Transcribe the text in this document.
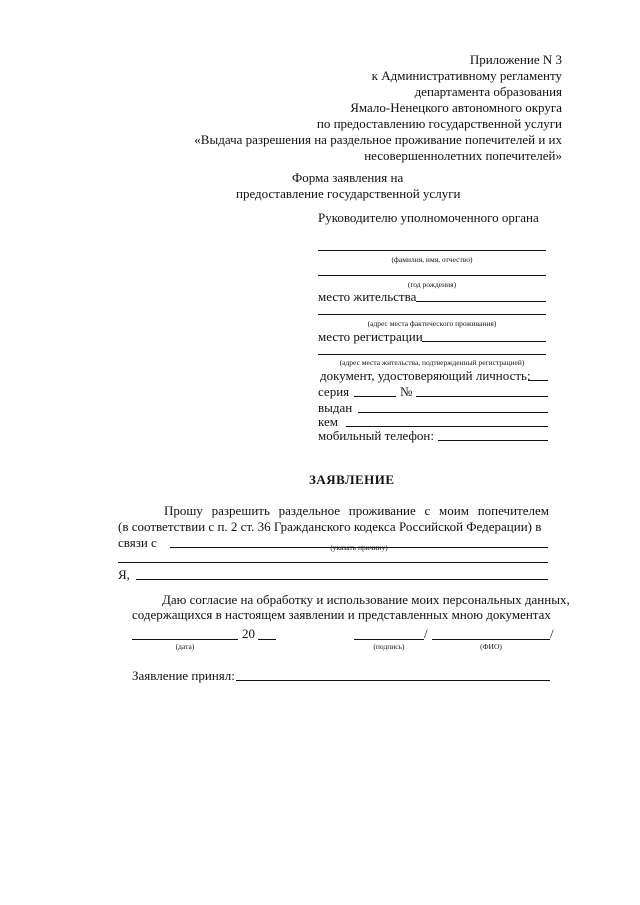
Приложение N 3
к Административному регламенту
департамента образования
Ямало-Ненецкого автономного округа
по предоставлению государственной услуги
«Выдача разрешения на раздельное проживание попечителей и их
несовершеннолетних попечителей»
Форма заявления на
предоставление государственной услуги
Руководителю уполномоченного органа
(фамилия, имя, отчество)
(год рождения)
место жительства
(адрес места фактического проживания)
место регистрации
(адрес места жительства, подтвержденный регистрацией)
документ, удостоверяющий личность:
серия	№
выдан
кем
мобильный телефон:
ЗАЯВЛЕНИЕ
Прошу разрешить раздельное проживание с моим попечителем
(в соответствии с п. 2 ст. 36 Гражданского кодекса Российской Федерации) в
связи с	(указать причину)
Я,
Даю согласие на обработку и использование моих персональных данных,
содержащихся в настоящем заявлении и представленных мною документах
20
(дата)
/	/
(подпись)	(ФИО)
Заявление принял:
